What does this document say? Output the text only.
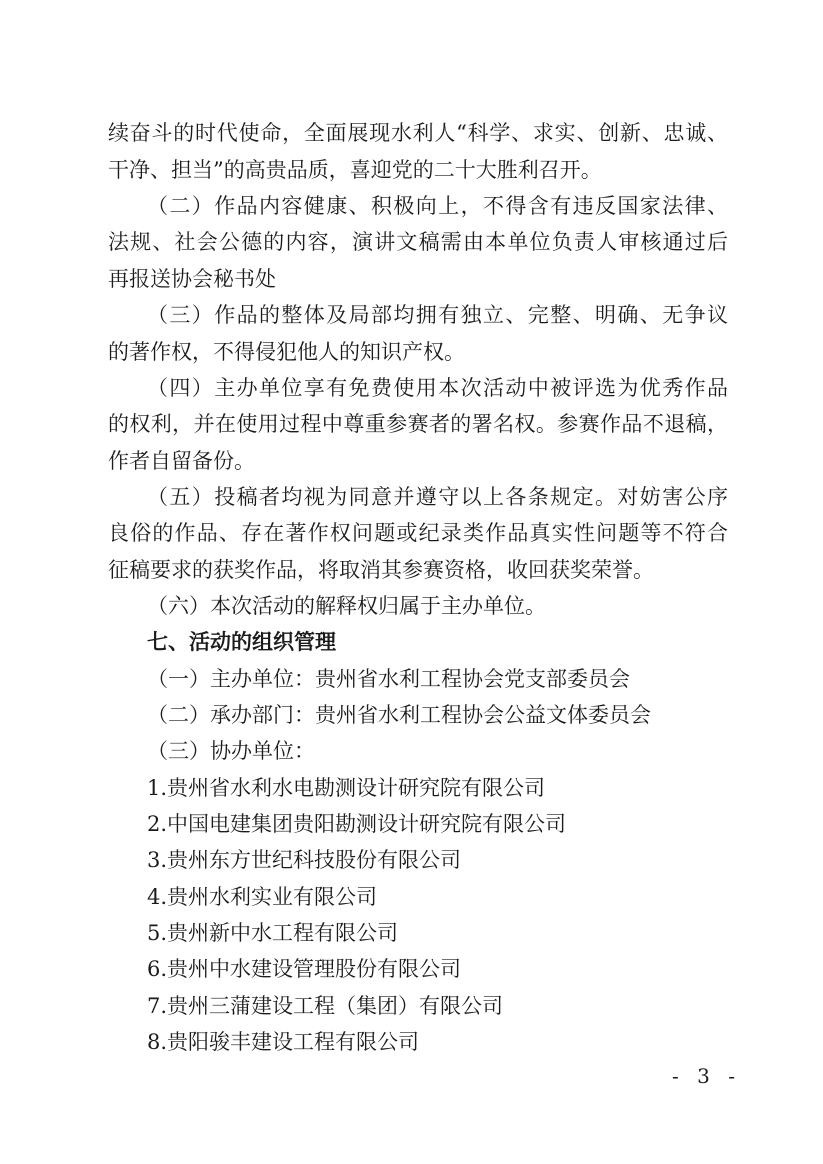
续奋斗的时代使命，全面展现水利人“科学、求实、创新、忠诚、
干净、担当”的高贵品质，喜迎党的二十大胜利召开。
（二）作品内容健康、积极向上，不得含有违反国家法律、
法规、社会公德的内容，演讲文稿需由本单位负责人审核通过后
再报送协会秘书处
（三）作品的整体及局部均拥有独立、完整、明确、无争议
的著作权，不得侵犯他人的知识产权。
（四）主办单位享有免费使用本次活动中被评选为优秀作品
的权利，并在使用过程中尊重参赛者的署名权。参赛作品不退稿，
作者自留备份。
（五）投稿者均视为同意并遵守以上各条规定。对妨害公序
良俗的作品、存在著作权问题或纪录类作品真实性问题等不符合
征稿要求的获奖作品，将取消其参赛资格，收回获奖荣誉。
（六）本次活动的解释权归属于主办单位。
七、活动的组织管理
（一）主办单位：贵州省水利工程协会党支部委员会
（二）承办部门：贵州省水利工程协会公益文体委员会
（三）协办单位：
1.贵州省水利水电勘测设计研究院有限公司
2.中国电建集团贵阳勘测设计研究院有限公司
3.贵州东方世纪科技股份有限公司
4.贵州水利实业有限公司
5.贵州新中水工程有限公司
6.贵州中水建设管理股份有限公司
7.贵州三蒲建设工程（集团）有限公司
8.贵阳骏丰建设工程有限公司
- 3 -
